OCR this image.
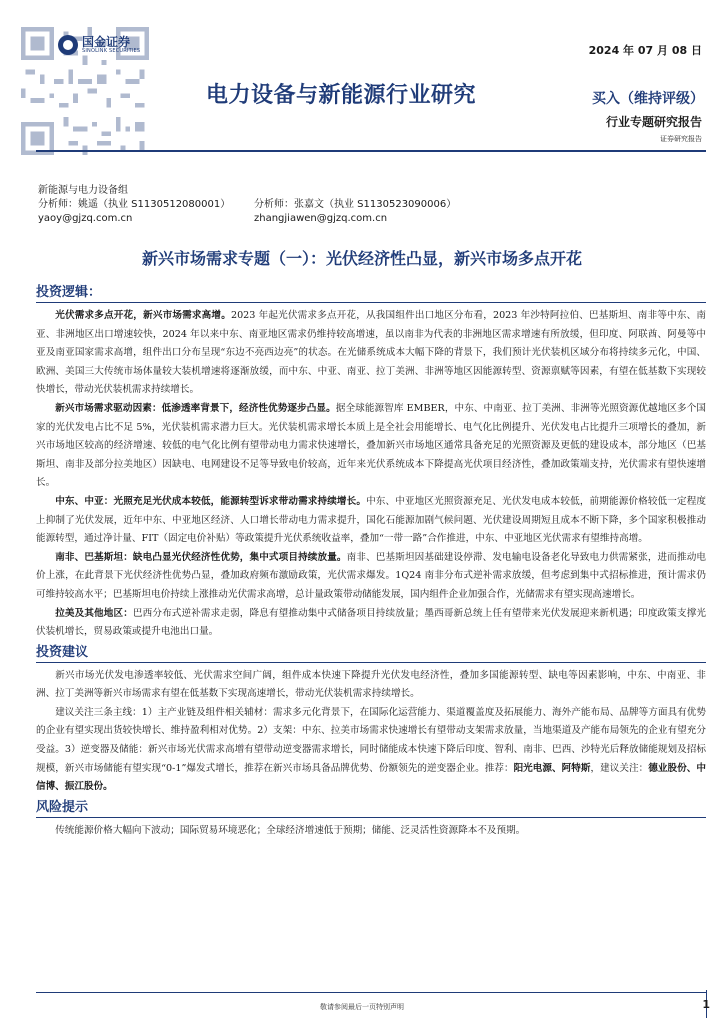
国金证券
SINOLINK SECURITIES	2024 年 07 月 08 日
电力设备与新能源行业研究	买入（维持评级）
行业专题研究报告
证券研究报告
新能源与电力设备组
分析师：姚遥（执业 S1130512080001）	分析师：张嘉文（执业 S1130523090006）
yaoy@gjzq.com.cn	zhangjiawen@gjzq.com.cn
新兴市场需求专题（一）：光伏经济性凸显，新兴市场多点开花
投资逻辑：

光伏需求多点开花，新兴市场需求高增。2023 年起光伏需求多点开花，从我国组件出口地区分布看，2023 年沙特阿拉伯、巴基斯坦、南非等中东、南亚、非洲地区出口增速较快，2024 年以来中东、南亚地区需求仍维持较高增速，虽以南非为代表的非洲地区需求增速有所放缓，但印度、阿联酋、阿曼等中亚及南亚国家需求高增，组件出口分布呈现“东边不亮西边亮”的状态。在光储系统成本大幅下降的背景下，我们预计光伏装机区域分布将持续多元化，中国、欧洲、美国三大传统市场体量较大装机增速将逐渐放缓，而中东、中亚、南亚、拉丁美洲、非洲等地区因能源转型、资源禀赋等因素，有望在低基数下实现较快增长，带动光伏装机需求持续增长。

新兴市场需求驱动因素：低渗透率背景下，经济性优势逐步凸显。据全球能源智库 EMBER，中东、中南亚、拉丁美洲、非洲等光照资源优越地区多个国家的光伏发电占比不足 5%，光伏装机需求潜力巨大。光伏装机需求增长本质上是全社会用能增长、电气化比例提升、光伏发电占比提升三项增长的叠加，新兴市场地区较高的经济增速、较低的电气化比例有望带动电力需求快速增长，叠加新兴市场地区通常具备充足的光照资源及更低的建设成本，部分地区（巴基斯坦、南非及部分拉美地区）因缺电、电网建设不足等导致电价较高，近年来光伏系统成本下降提高光伏项目经济性，叠加政策端支持，光伏需求有望快速增长。

中东、中亚：光照充足光伏成本较低，能源转型诉求带动需求持续增长。中东、中亚地区光照资源充足、光伏发电成本较低，前期能源价格较低一定程度上抑制了光伏发展，近年中东、中亚地区经济、人口增长带动电力需求提升，国化石能源加剧气候问题、光伏建设周期短且成本不断下降，多个国家积极推动能源转型，通过净计量、FIT（固定电价补贴）等政策提升光伏系统收益率，叠加“一带一路”合作推进，中东、中亚地区光伏需求有望维持高增。

南非、巴基斯坦：缺电凸显光伏经济性优势，集中式项目持续放量。南非、巴基斯坦因基础建设停滞、发电输电设备老化导致电力供需紧张，进而推动电价上涨，在此背景下光伏经济性优势凸显，叠加政府频布激励政策，光伏需求爆发。1Q24 南非分布式逆补需求放缓，但考虑到集中式招标推进，预计需求仍可维持较高水平；巴基斯坦电价持续上涨推动光伏需求高增，总计量政策带动储能发展，国内组件企业加强合作，光储需求有望实现高速增长。

拉美及其他地区：巴西分布式逆补需求走弱，降息有望推动集中式储备项目持续放量；墨西哥新总统上任有望带来光伏发展迎来新机遇；印度政策支撑光伏装机增长，贸易政策或提升电池出口量。

投资建议

新兴市场光伏发电渗透率较低、光伏需求空间广阔，组件成本快速下降提升光伏发电经济性，叠加多国能源转型、缺电等因素影响，中东、中南亚、非洲、拉丁美洲等新兴市场需求有望在低基数下实现高速增长，带动光伏装机需求持续增长。

建议关注三条主线：1）主产业链及组件相关辅材：需求多元化背景下，在国际化运营能力、渠道覆盖度及拓展能力、海外产能布局、品牌等方面具有优势的企业有望实现出货较快增长、维持盈利相对优势。2）支架：中东、拉美市场需求快速增长有望带动支架需求放量，当地渠道及产能布局领先的企业有望充分受益。3）逆变器及储能：新兴市场光伏需求高增有望带动逆变器需求增长，同时储能成本快速下降后印度、智利、南非、巴西、沙特光后释放储能规划及招标规模，新兴市场储能有望实现“0-1”爆发式增长，推荐在新兴市场具备品牌优势、份额领先的逆变器企业。推荐：阳光电源、阿特斯，建议关注：德业股份、中信博、振江股份。

风险提示

传统能源价格大幅向下波动；国际贸易环境恶化；全球经济增速低于预期；储能、泛灵活性资源降本不及预期。

敬请参阅最后一页特别声明	1
